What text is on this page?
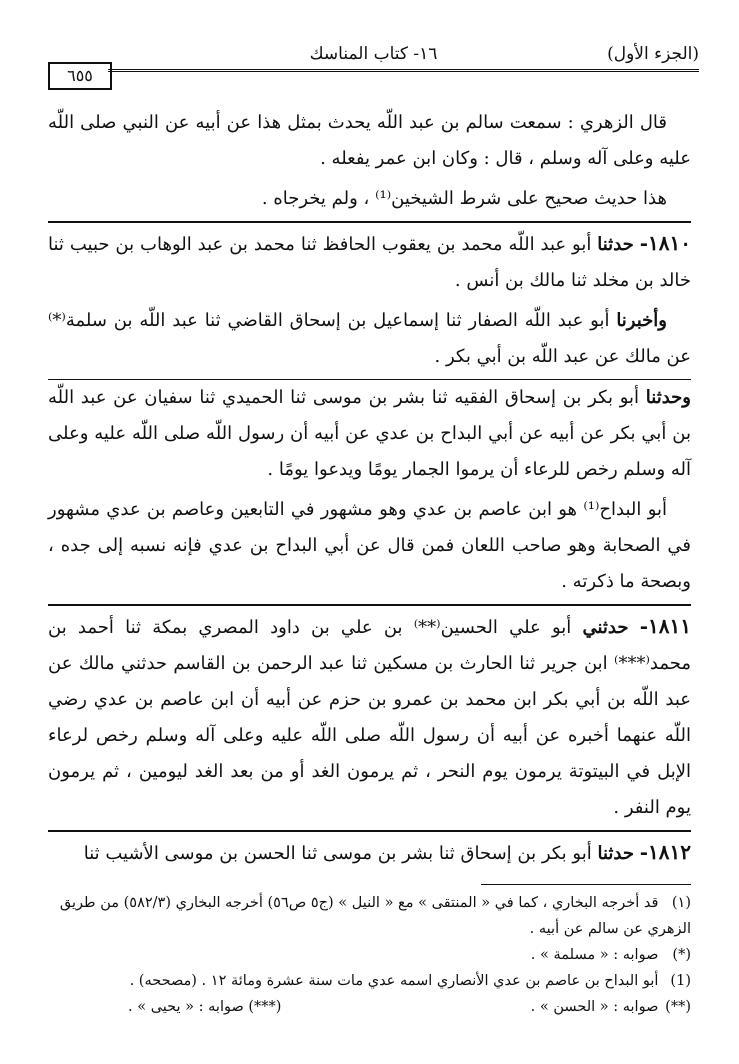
(الجزء الأول)
١٦- كتاب المناسك
٦٥٥

قال الزهري : سمعت سالم بن عبد اللّه يحدث بمثل هذا عن أبيه عن النبي صلى اللّه عليه وعلى آله وسلم ، قال : وكان ابن عمر يفعله .

هذا حديث صحيح على شرط الشيخين⁽¹⁾ ، ولم يخرجاه .

١٨١٠- حدثنا أبو عبد اللّه محمد بن يعقوب الحافظ ثنا محمد بن عبد الوهاب بن حبيب ثنا خالد بن مخلد ثنا مالك بن أنس .

وأخبرنا أبو عبد اللّه الصفار ثنا إسماعيل بن إسحاق القاضي ثنا عبد اللّه بن سلمة⁽*⁾ عن مالك عن عبد اللّه بن أبي بكر .

وحدثنا أبو بكر بن إسحاق الفقيه ثنا بشر بن موسى ثنا الحميدي ثنا سفيان عن عبد اللّه بن أبي بكر عن أبيه عن أبي البداح بن عدي عن أبيه أن رسول اللّه صلى اللّه عليه وعلى آله وسلم رخص للرعاء أن يرموا الجمار يومًا ويدعوا يومًا .

أبو البداح⁽¹⁾ هو ابن عاصم بن عدي وهو مشهور في التابعين وعاصم بن عدي مشهور في الصحابة وهو صاحب اللعان فمن قال عن أبي البداح بن عدي فإنه نسبه إلى جده ، وبصحة ما ذكرته .

١٨١١- حدثني أبو علي الحسين⁽**⁾ بن علي بن داود المصري بمكة ثنا أحمد بن محمد⁽***⁾ ابن جرير ثنا الحارث بن مسكين ثنا عبد الرحمن بن القاسم حدثني مالك عن عبد اللّه بن أبي بكر ابن محمد بن عمرو بن حزم عن أبيه أن ابن عاصم بن عدي رضي اللّه عنهما أخبره عن أبيه أن رسول اللّه صلى اللّه عليه وعلى آله وسلم رخص لرعاء الإبل في البيتوتة يرمون يوم النحر ، ثم يرمون الغد أو من بعد الغد ليومين ، ثم يرمون يوم النفر .

١٨١٢- حدثنا أبو بكر بن إسحاق ثنا بشر بن موسى ثنا الحسن بن موسى الأشيب ثنا

(١) قد أخرجه البخاري ، كما في « المنتقى » مع « النيل » (ج٥ ص٥٦) أخرجه البخاري (٥٨٢/٣) من طريق الزهري عن سالم عن أبيه .
(*) صوابه : « مسلمة » .
(1) أبو البداح بن عاصم بن عدي الأنصاري اسمه عدي مات سنة عشرة ومائة ١٢ . (مصححه) .
(**) صوابه : « الحسن » .
(***) صوابه : « يحيى » .
